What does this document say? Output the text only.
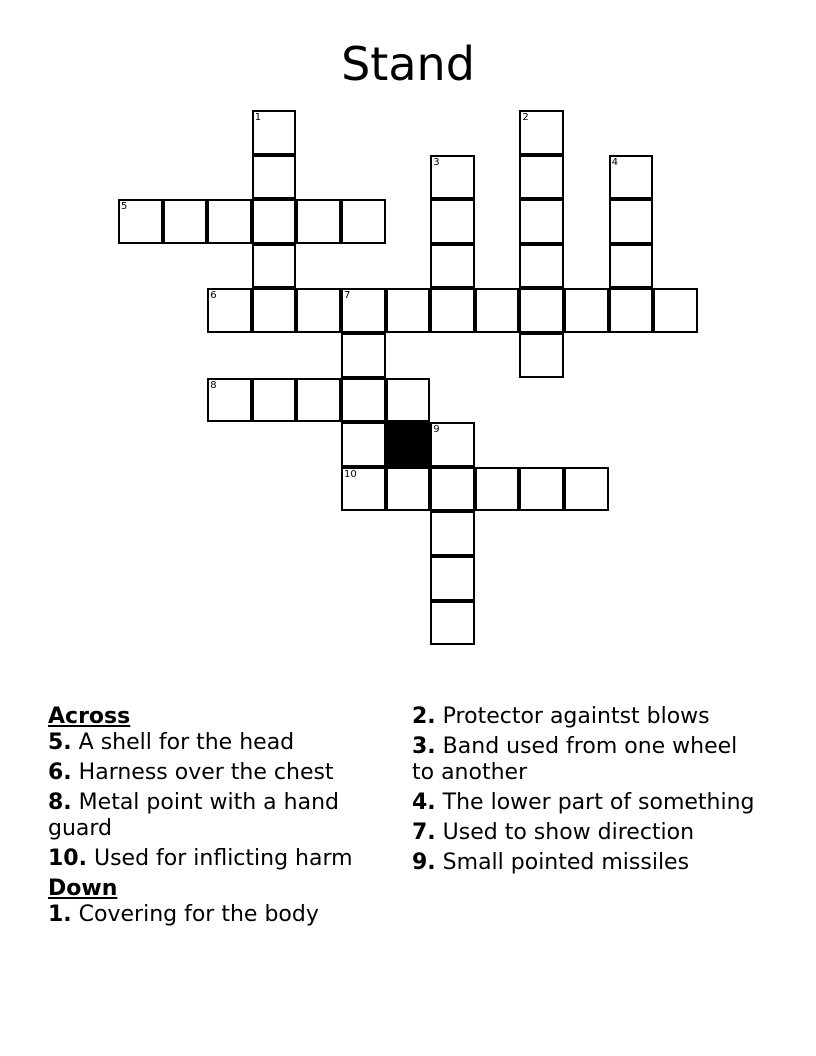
Stand
1	2
3	4
5
6	7
8
9
10
Across
5. A shell for the head
6. Harness over the chest
8. Metal point with a hand guard
10. Used for inflicting harm
Down
1. Covering for the body
2. Protector againtst blows
3. Band used from one wheel to another
4. The lower part of something
7. Used to show direction
9. Small pointed missiles
